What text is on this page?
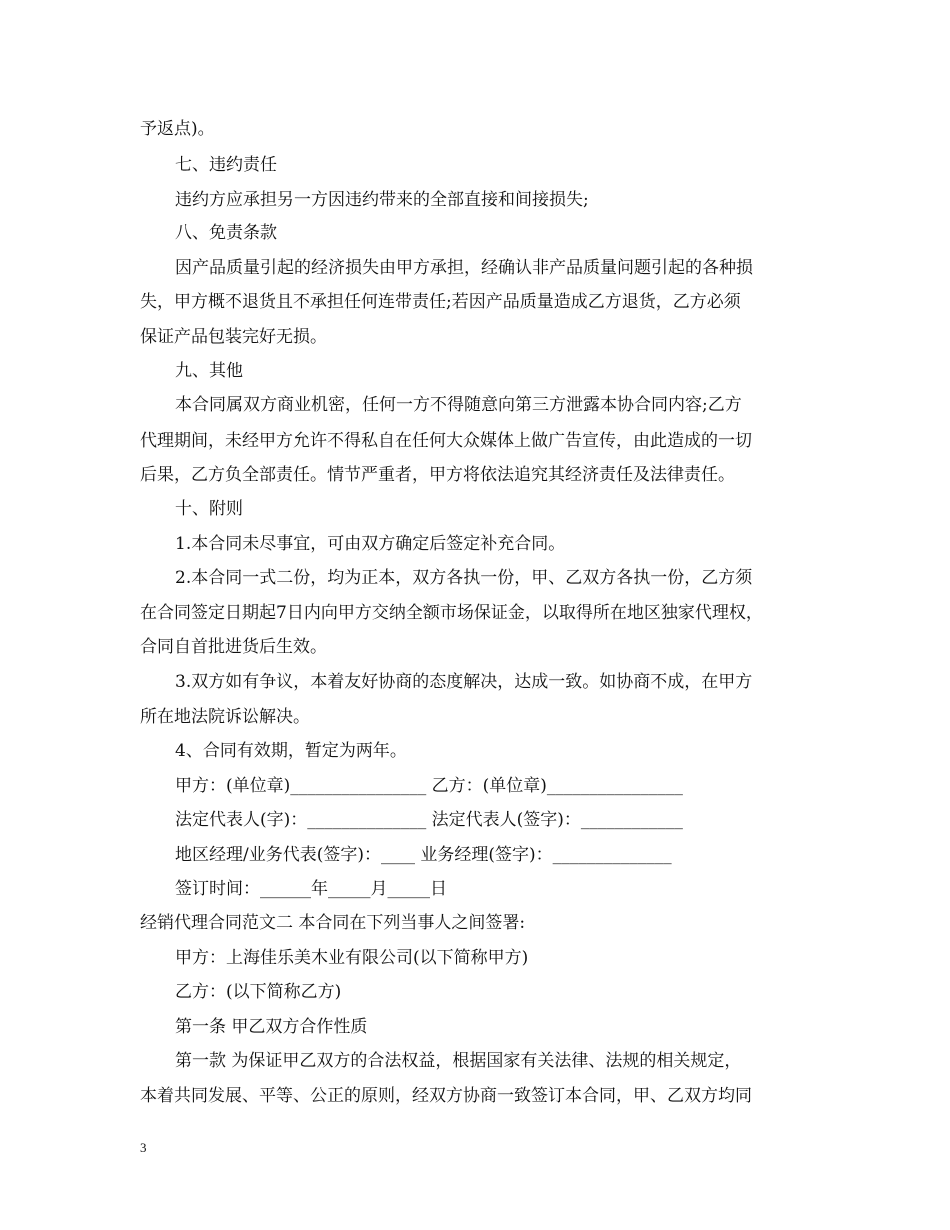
予返点)。
七、违约责任
违约方应承担另一方因违约带来的全部直接和间接损失;
八、免责条款
因产品质量引起的经济损失由甲方承担，经确认非产品质量问题引起的各种损
失，甲方概不退货且不承担任何连带责任;若因产品质量造成乙方退货，乙方必须
保证产品包装完好无损。
九、其他
本合同属双方商业机密，任何一方不得随意向第三方泄露本协合同内容;乙方
代理期间，未经甲方允许不得私自在任何大众媒体上做广告宣传，由此造成的一切
后果，乙方负全部责任。情节严重者，甲方将依法追究其经济责任及法律责任。
十、附则
1.本合同未尽事宜，可由双方确定后签定补充合同。
2.本合同一式二份，均为正本，双方各执一份，甲、乙双方各执一份，乙方须
在合同签定日期起7日内向甲方交纳全额市场保证金，以取得所在地区独家代理权，
合同自首批进货后生效。
3.双方如有争议，本着友好协商的态度解决，达成一致。如协商不成，在甲方
所在地法院诉讼解决。
4、合同有效期，暂定为两年。
甲方：(单位章)________________ 乙方：(单位章)________________
法定代表人(字)：______________ 法定代表人(签字)：____________
地区经理/业务代表(签字)：____ 业务经理(签字)：______________
签订时间：______年_____月_____日
经销代理合同范文二 本合同在下列当事人之间签署:
甲方：上海佳乐美木业有限公司(以下简称甲方)
乙方：(以下简称乙方)
第一条 甲乙双方合作性质
第一款 为保证甲乙双方的合法权益，根据国家有关法律、法规的相关规定，
本着共同发展、平等、公正的原则，经双方协商一致签订本合同，甲、乙双方均同
3
